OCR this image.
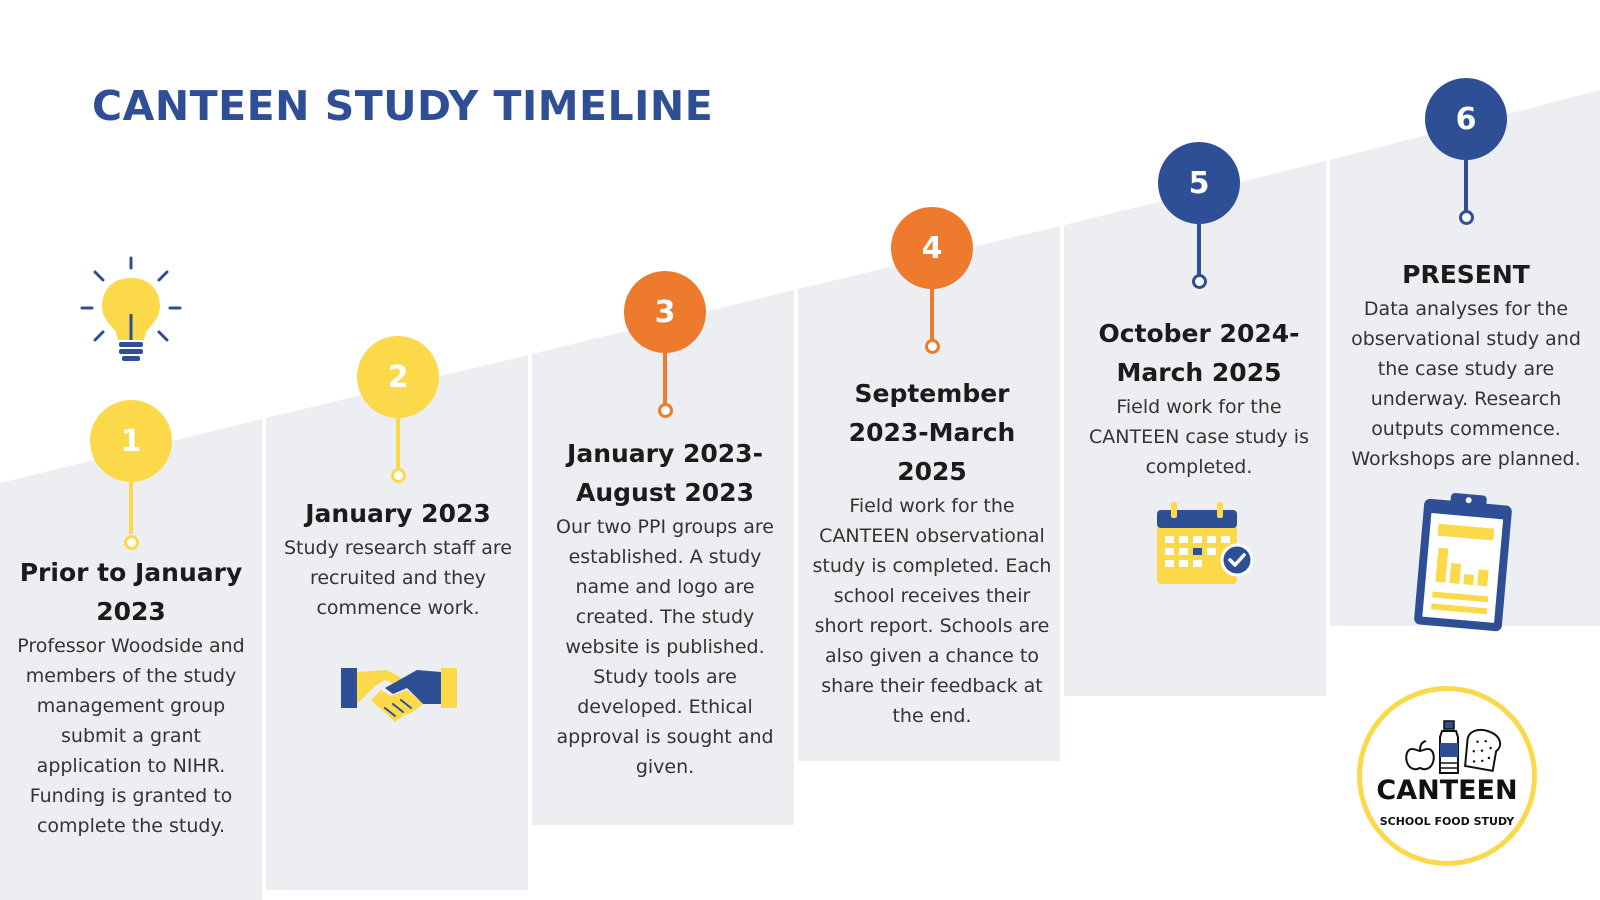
CANTEEN STUDY TIMELINE
1

Prior to January 2023

Professor Woodside and members of the study management group submit a grant application to NIHR. Funding is granted to complete the study.

2

January 2023

Study research staff are recruited and they commence work.

3

January 2023-August 2023

Our two PPI groups are established. A study name and logo are created. The study website is published. Study tools are developed. Ethical approval is sought and given.

4

September 2023-March 2025

Field work for the CANTEEN observational study is completed. Each school receives their short report. Schools are also given a chance to share their feedback at the end.

5

October 2024-March 2025

Field work for the CANTEEN case study is completed.

6

PRESENT

Data analyses for the observational study and the case study are underway. Research outputs commence. Workshops are planned.

CANTEEN
SCHOOL FOOD STUDY
